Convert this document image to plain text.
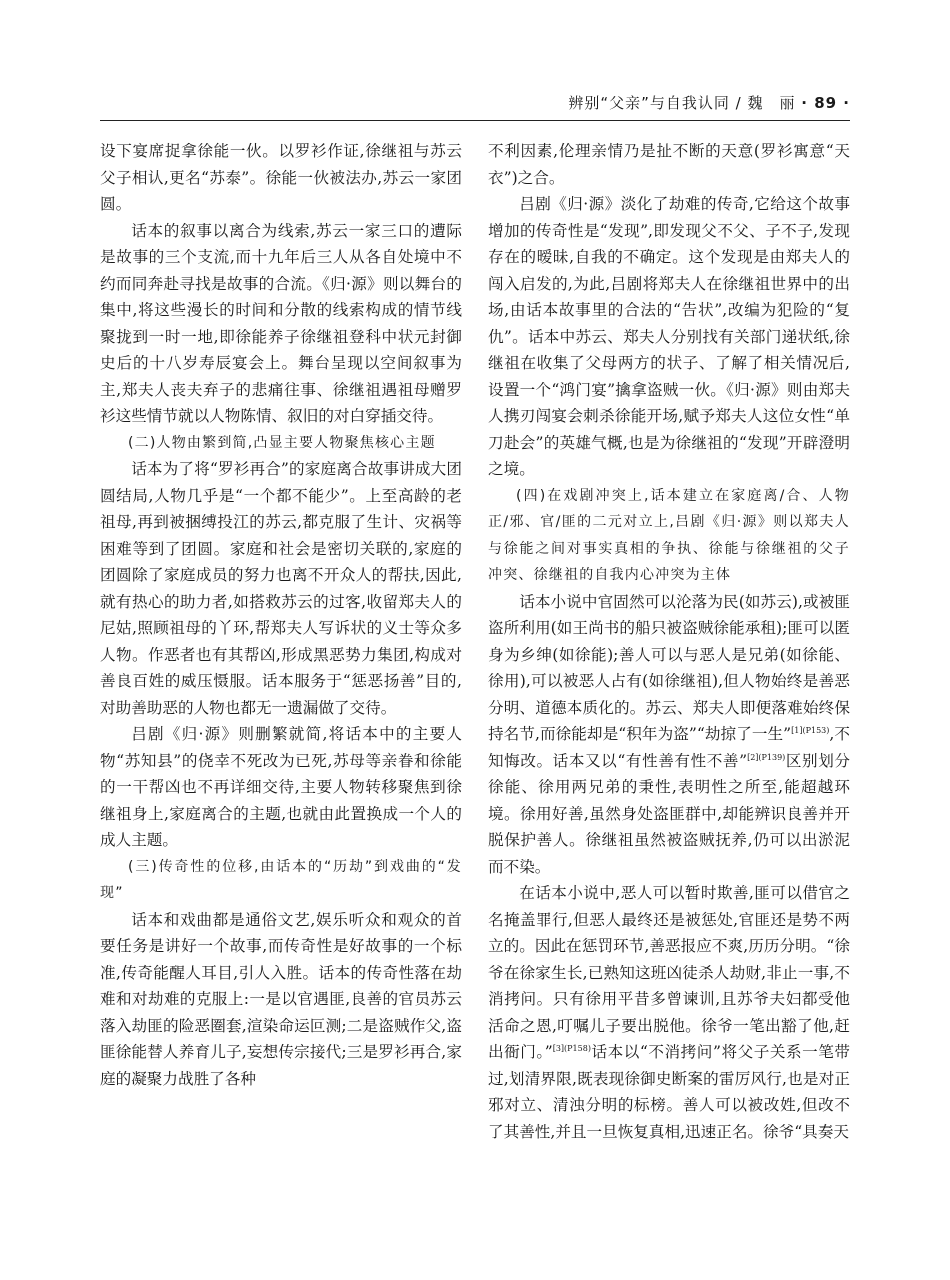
辨别“父亲”与自我认同 / 魏　丽 · 89 ·

设下宴席捉拿徐能一伙。以罗衫作证,徐继祖与苏云父子相认,更名“苏泰”。徐能一伙被法办,苏云一家团圆。

话本的叙事以离合为线索,苏云一家三口的遭际是故事的三个支流,而十九年后三人从各自处境中不约而同奔赴寻找是故事的合流。《归·源》则以舞台的集中,将这些漫长的时间和分散的线索构成的情节线聚拢到一时一地,即徐能养子徐继祖登科中状元封御史后的十八岁寿辰宴会上。舞台呈现以空间叙事为主,郑夫人丧夫弃子的悲痛往事、徐继祖遇祖母赠罗衫这些情节就以人物陈情、叙旧的对白穿插交待。

(二)人物由繁到简,凸显主要人物聚焦核心主题

话本为了将“罗衫再合”的家庭离合故事讲成大团圆结局,人物几乎是“一个都不能少”。上至高龄的老祖母,再到被捆缚投江的苏云,都克服了生计、灾祸等困难等到了团圆。家庭和社会是密切关联的,家庭的团圆除了家庭成员的努力也离不开众人的帮扶,因此,就有热心的助力者,如搭救苏云的过客,收留郑夫人的尼姑,照顾祖母的丫环,帮郑夫人写诉状的义士等众多人物。作恶者也有其帮凶,形成黑恶势力集团,构成对善良百姓的威压慑服。话本服务于“惩恶扬善”目的,对助善助恶的人物也都无一遗漏做了交待。

吕剧《归·源》则删繁就简,将话本中的主要人物“苏知县”的侥幸不死改为已死,苏母等亲眷和徐能的一干帮凶也不再详细交待,主要人物转移聚焦到徐继祖身上,家庭离合的主题,也就由此置换成一个人的成人主题。

(三)传奇性的位移,由话本的“历劫”到戏曲的“发现”

话本和戏曲都是通俗文艺,娱乐听众和观众的首要任务是讲好一个故事,而传奇性是好故事的一个标准,传奇能醒人耳目,引人入胜。话本的传奇性落在劫难和对劫难的克服上:一是以官遇匪,良善的官员苏云落入劫匪的险恶圈套,渲染命运叵测;二是盗贼作父,盗匪徐能替人养育儿子,妄想传宗接代;三是罗衫再合,家庭的凝聚力战胜了各种

不利因素,伦理亲情乃是扯不断的天意(罗衫寓意“天衣”)之合。

吕剧《归·源》淡化了劫难的传奇,它给这个故事增加的传奇性是“发现”,即发现父不父、子不子,发现存在的暧昧,自我的不确定。这个发现是由郑夫人的闯入启发的,为此,吕剧将郑夫人在徐继祖世界中的出场,由话本故事里的合法的“告状”,改编为犯险的“复仇”。话本中苏云、郑夫人分别找有关部门递状纸,徐继祖在收集了父母两方的状子、了解了相关情况后,设置一个“鸿门宴”擒拿盗贼一伙。《归·源》则由郑夫人携刃闯宴会刺杀徐能开场,赋予郑夫人这位女性“单刀赴会”的英雄气概,也是为徐继祖的“发现”开辟澄明之境。

(四)在戏剧冲突上,话本建立在家庭离/合、人物正/邪、官/匪的二元对立上,吕剧《归·源》则以郑夫人与徐能之间对事实真相的争执、徐能与徐继祖的父子冲突、徐继祖的自我内心冲突为主体

话本小说中官固然可以沦落为民(如苏云),或被匪盗所利用(如王尚书的船只被盗贼徐能承租);匪可以匿身为乡绅(如徐能);善人可以与恶人是兄弟(如徐能、徐用),可以被恶人占有(如徐继祖),但人物始终是善恶分明、道德本质化的。苏云、郑夫人即便落难始终保持名节,而徐能却是“积年为盗”“劫掠了一生”$^{[1](P153)}$,不知悔改。话本又以“有性善有性不善”$^{[2](P139)}$区别划分徐能、徐用两兄弟的秉性,表明性之所至,能超越环境。徐用好善,虽然身处盗匪群中,却能辨识良善并开脱保护善人。徐继祖虽然被盗贼抚养,仍可以出淤泥而不染。

在话本小说中,恶人可以暂时欺善,匪可以借官之名掩盖罪行,但恶人最终还是被惩处,官匪还是势不两立的。因此在惩罚环节,善恶报应不爽,历历分明。“徐爷在徐家生长,已熟知这班凶徒杀人劫财,非止一事,不消拷问。只有徐用平昔多曾谏训,且苏爷夫妇都受他活命之恩,叮嘱儿子要出脱他。徐爷一笔出豁了他,赶出衙门。”$^{[3](P158)}$话本以“不消拷问”将父子关系一笔带过,划清界限,既表现徐御史断案的雷厉风行,也是对正邪对立、清浊分明的标榜。善人可以被改姓,但改不了其善性,并且一旦恢复真相,迅速正名。徐爷“具奏天
